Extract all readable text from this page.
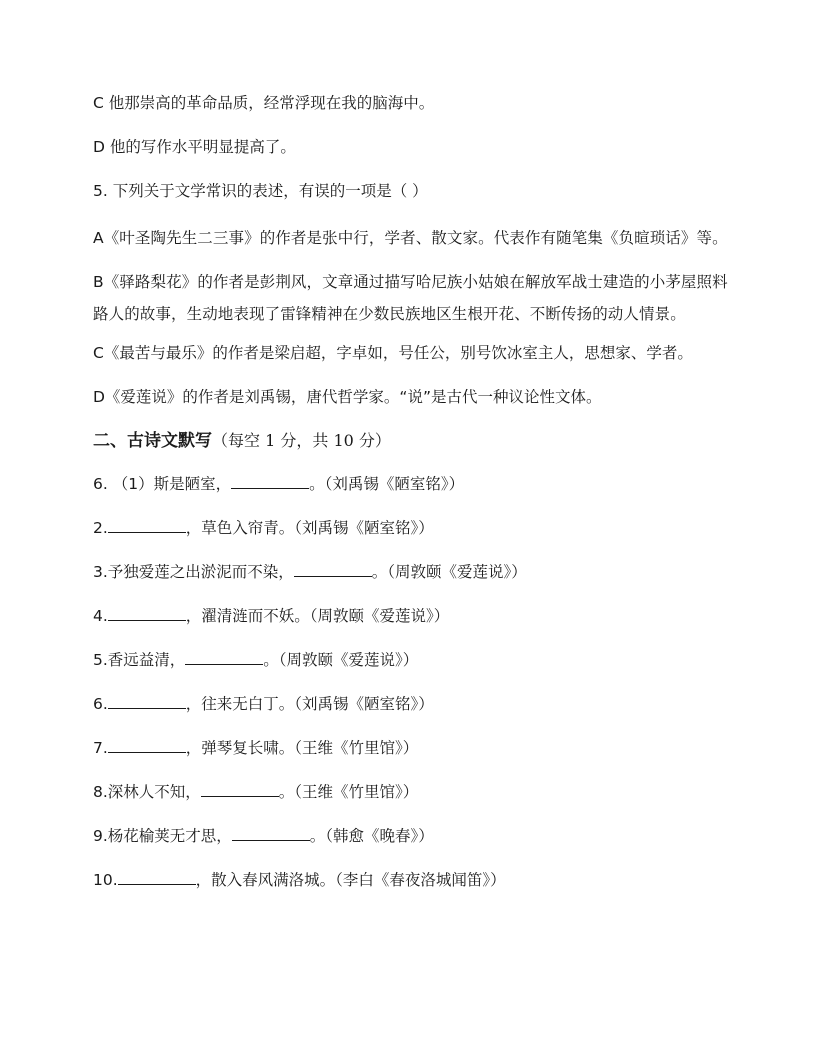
C 他那崇高的革命品质，经常浮现在我的脑海中。

D 他的写作水平明显提高了。

5. 下列关于文学常识的表述，有误的一项是（ ）

A《叶圣陶先生二三事》的作者是张中行，学者、散文家。代表作有随笔集《负暄琐话》等。

B《驿路梨花》的作者是彭荆风，文章通过描写哈尼族小姑娘在解放军战士建造的小茅屋照料路人的故事，生动地表现了雷锋精神在少数民族地区生根开花、不断传扬的动人情景。

C《最苦与最乐》的作者是梁启超，字卓如，号任公，别号饮冰室主人，思想家、学者。

D《爱莲说》的作者是刘禹锡，唐代哲学家。“说”是古代一种议论性文体。

二、古诗文默写（每空 1 分，共 10 分）

6. （1）斯是陋室，	。（刘禹锡《陋室铭》）

2.	，草色入帘青。（刘禹锡《陋室铭》）

3.予独爱莲之出淤泥而不染，	。（周敦颐《爱莲说》）

4.	，濯清涟而不妖。（周敦颐《爱莲说》）

5.香远益清，	。（周敦颐《爱莲说》）

6.	，往来无白丁。（刘禹锡《陋室铭》）

7.	，弹琴复长啸。（王维《竹里馆》）

8.深林人不知，	。（王维《竹里馆》）

9.杨花榆荚无才思，	。（韩愈《晚春》）

10.	，散入春风满洛城。（李白《春夜洛城闻笛》）
